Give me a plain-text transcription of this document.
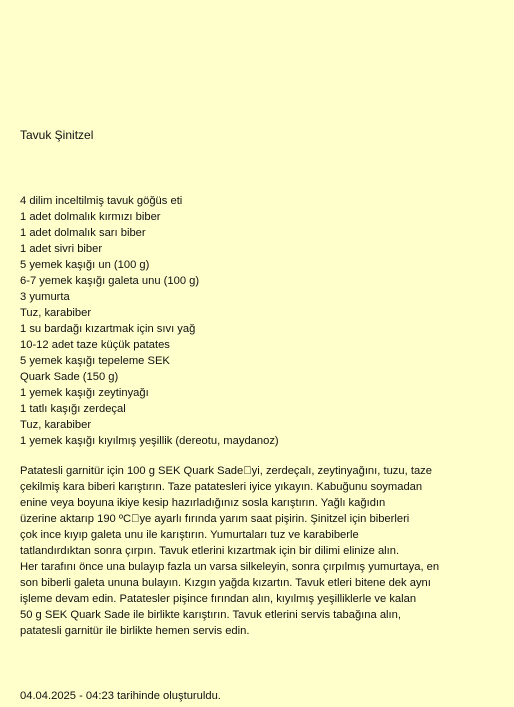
Tavuk Şinitzel
4 dilim inceltilmiş tavuk göğüs eti
1 adet dolmalık kırmızı biber
1 adet dolmalık sarı biber
1 adet sivri biber
5 yemek kaşığı un (100 g)
6-7 yemek kaşığı galeta unu (100 g)
3 yumurta
Tuz, karabiber
1 su bardağı kızartmak için sıvı yağ
10-12 adet taze küçük patates
5 yemek kaşığı tepeleme SEK
Quark Sade (150 g)
1 yemek kaşığı zeytinyağı
1 tatlı kaşığı zerdeçal
Tuz, karabiber
1 yemek kaşığı kıyılmış yeşillik (dereotu, maydanoz)

Patatesli garnitür için 100 g SEK Quark Sade yi, zerdeçalı, zeytinyağını, tuzu, taze
çekilmiş kara biberi karıştırın. Taze patatesleri iyice yıkayın. Kabuğunu soymadan
enine veya boyuna ikiye kesip hazırladığınız sosla karıştırın. Yağlı kağıdın
üzerine aktarıp 190 ºC ye ayarlı fırında yarım saat pişirin. Şinitzel için biberleri
çok ince kıyıp galeta unu ile karıştırın. Yumurtaları tuz ve karabiberle
tatlandırdıktan sonra çırpın. Tavuk etlerini kızartmak için bir dilimi elinize alın.
Her tarafını önce una bulayıp fazla un varsa silkeleyin, sonra çırpılmış yumurtaya, en
son biberli galeta ununa bulayın. Kızgın yağda kızartın. Tavuk etleri bitene dek aynı
işleme devam edin. Patatesler pişince fırından alın, kıyılmış yeşilliklerle ve kalan
50 g SEK Quark Sade ile birlikte karıştırın. Tavuk etlerini servis tabağına alın,
patatesli garnitür ile birlikte hemen servis edin.

04.04.2025 - 04:23 tarihinde oluşturuldu.
